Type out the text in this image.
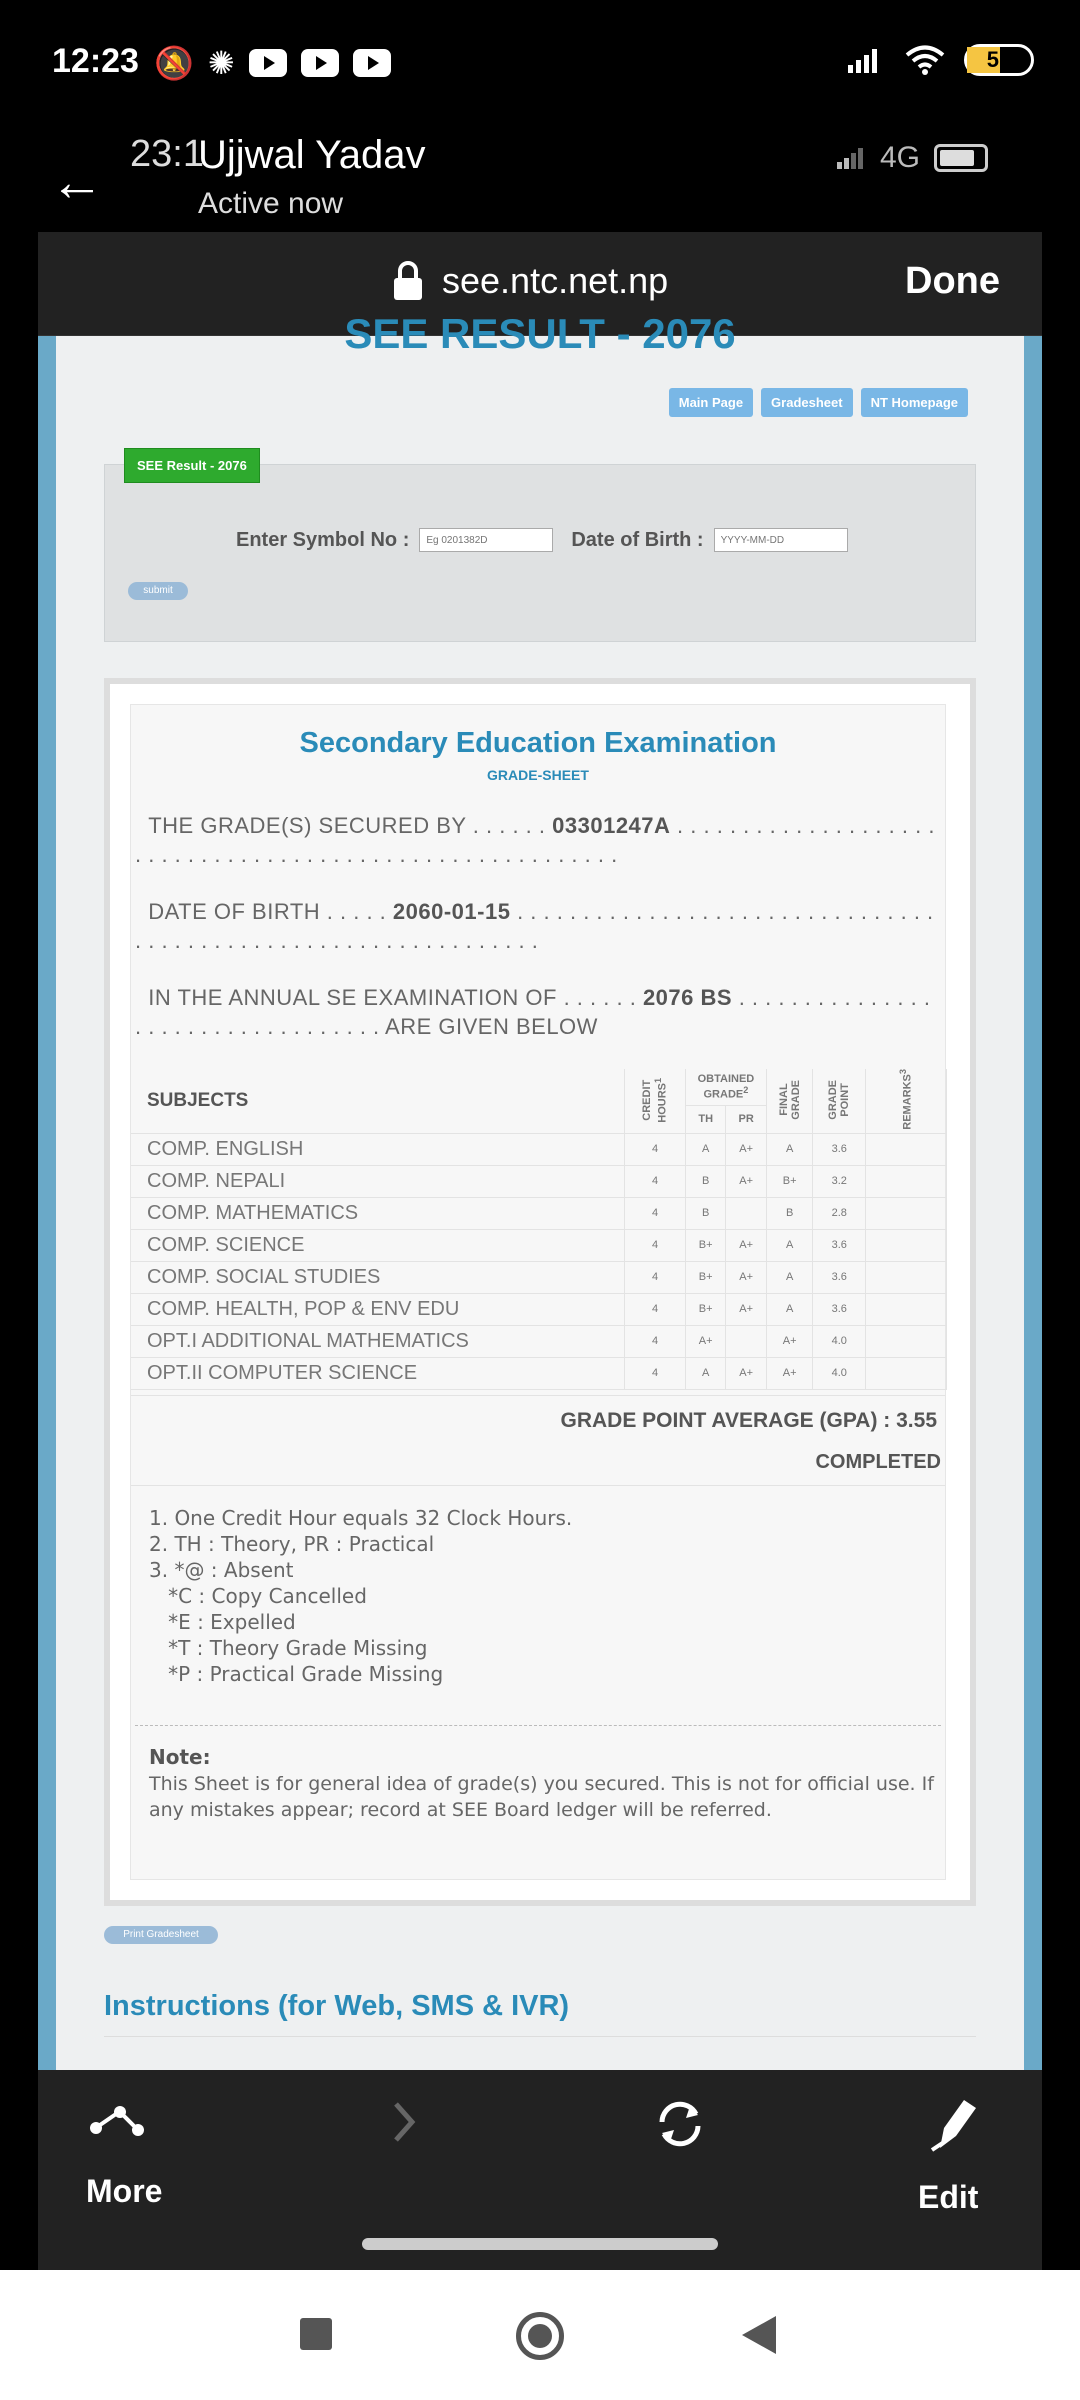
12:23 🔕 ✺	51
← 23:1
Ujjwal Yadav
Active now
4G
see.ntc.net.np	Done
SEE RESULT - 2076
Main Page	Gradesheet	NT Homepage
SEE Result - 2076
Enter Symbol No :
Eg 0201382D	Date of Birth :
YYYY-MM-DD
submit
Secondary Education Examination
GRADE-SHEET
THE GRADE(S) SECURED BY . . . . . . 03301247A . . . . . . . . . . . . . . . . . . . . . . . . . . . . . . . . . . . . . . . . . . . . . . . . . . . . . . . . .
DATE OF BIRTH . . . . . 2060-01-15 . . . . . . . . . . . . . . . . . . . . . . . . . . . . . . . . . . . . . . . . . . . . . . . . . . . . . . . . . . . . . . .
IN THE ANNUAL SE EXAMINATION OF . . . . . . 2076 BS . . . . . . . . . . . . . . . . . . . . . . . . . . . . . . . . . . ARE GIVEN BELOW
SUBJECTS	CREDIT HOURS$^1$	OBTAINED GRADE$^2$		FINAL GRADE	GRADE POINT	REMARKS$^3$
		TH	PR			
COMP. ENGLISH	4	A	A+	A	3.6	
COMP. NEPALI	4	B	A+	B+	3.2	
COMP. MATHEMATICS	4	B		B	2.8	
COMP. SCIENCE	4	B+	A+	A	3.6	
COMP. SOCIAL STUDIES	4	B+	A+	A	3.6	
COMP. HEALTH, POP & ENV EDU	4	B+	A+	A	3.6	
OPT.I ADDITIONAL MATHEMATICS	4	A+		A+	4.0	
OPT.II COMPUTER SCIENCE	4	A	A+	A+	4.0	
GRADE POINT AVERAGE (GPA) : 3.55
COMPLETED
1. One Credit Hour equals 32 Clock Hours.
2. TH : Theory, PR : Practical
3. *@ : Absent
*C : Copy Cancelled
*E : Expelled
*T : Theory Grade Missing
*P : Practical Grade Missing
Note:
This Sheet is for general idea of grade(s) you secured. This is not for official use. If any mistakes appear; record at SEE Board ledger will be referred.
Print Gradesheet
Instructions (for Web, SMS & IVR)
More	Edit
